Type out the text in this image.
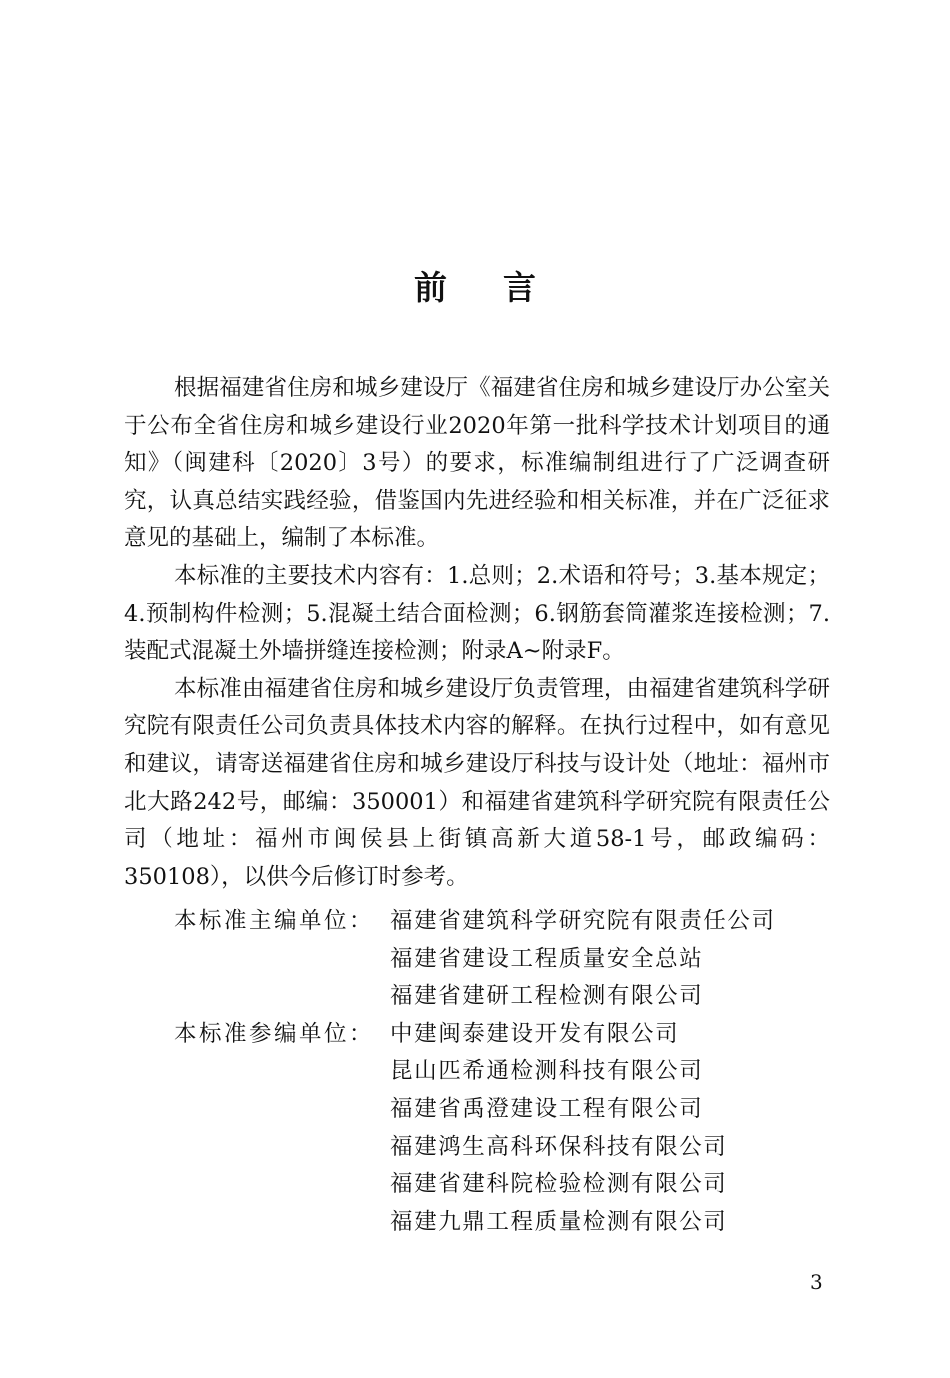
前言

根据福建省住房和城乡建设厅《福建省住房和城乡建设厅办公室关于公布全省住房和城乡建设行业2020年第一批科学技术计划项目的通知》（闽建科〔2020〕3号）的要求，标准编制组进行了广泛调查研究，认真总结实践经验，借鉴国内先进经验和相关标准，并在广泛征求意见的基础上，编制了本标准。

本标准的主要技术内容有：1.总则；2.术语和符号；3.基本规定；4.预制构件检测；5.混凝土结合面检测；6.钢筋套筒灌浆连接检测；7.装配式混凝土外墙拼缝连接检测；附录A~附录F。

本标准由福建省住房和城乡建设厅负责管理，由福建省建筑科学研究院有限责任公司负责具体技术内容的解释。在执行过程中，如有意见和建议，请寄送福建省住房和城乡建设厅科技与设计处（地址：福州市北大路242号，邮编：350001）和福建省建筑科学研究院有限责任公司（地址：福州市闽侯县上街镇高新大道58-1号，邮政编码：350108），以供今后修订时参考。

本标准主编单位： 福建省建筑科学研究院有限责任公司
福建省建设工程质量安全总站
福建省建研工程检测有限公司
本标准参编单位： 中建闽泰建设开发有限公司
昆山匹希通检测科技有限公司
福建省禹澄建设工程有限公司
福建鸿生高科环保科技有限公司
福建省建科院检验检测有限公司
福建九鼎工程质量检测有限公司
3
